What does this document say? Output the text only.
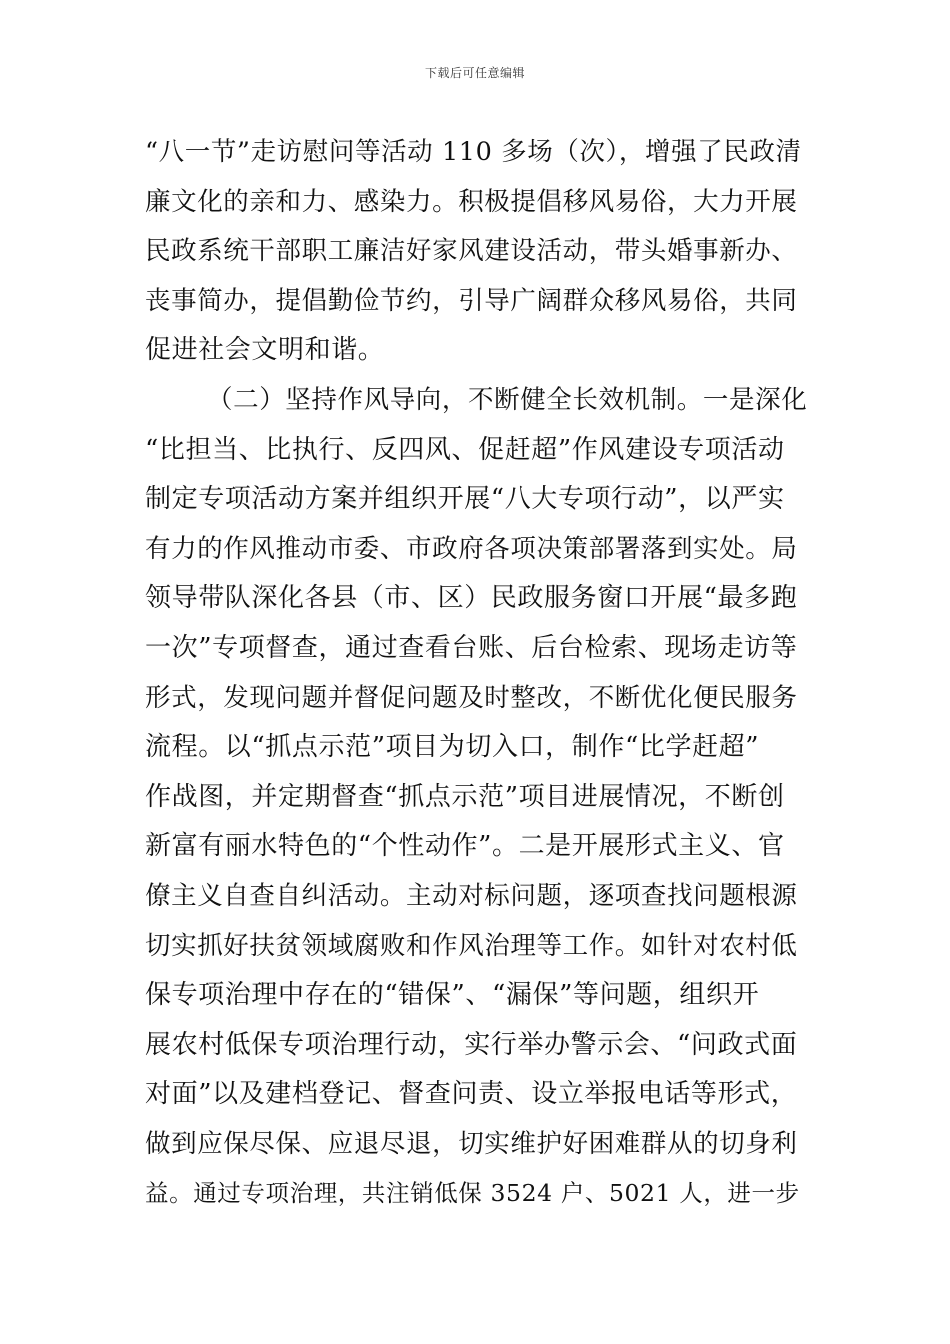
下载后可任意编辑
“八一节”走访慰问等活动 110 多场（次），增强了民政清
廉文化的亲和力、感染力。积极提倡移风易俗，大力开展
民政系统干部职工廉洁好家风建设活动，带头婚事新办、
丧事简办，提倡勤俭节约，引导广阔群众移风易俗，共同
促进社会文明和谐。
（二）坚持作风导向，不断健全长效机制。一是深化
“比担当、比执行、反四风、促赶超”作风建设专项活动
制定专项活动方案并组织开展“八大专项行动”，以严实
有力的作风推动市委、市政府各项决策部署落到实处。局
领导带队深化各县（市、区）民政服务窗口开展“最多跑
一次”专项督查，通过查看台账、后台检索、现场走访等
形式，发现问题并督促问题及时整改，不断优化便民服务
流程。以“抓点示范”项目为切入口，制作“比学赶超”
作战图，并定期督查“抓点示范”项目进展情况，不断创
新富有丽水特色的“个性动作”。二是开展形式主义、官
僚主义自查自纠活动。主动对标问题，逐项查找问题根源
切实抓好扶贫领域腐败和作风治理等工作。如针对农村低
保专项治理中存在的“错保”、“漏保”等问题，组织开
展农村低保专项治理行动，实行举办警示会、“问政式面
对面”以及建档登记、督查问责、设立举报电话等形式，
做到应保尽保、应退尽退，切实维护好困难群从的切身利
益。通过专项治理，共注销低保 3524 户、5021 人，进一步
